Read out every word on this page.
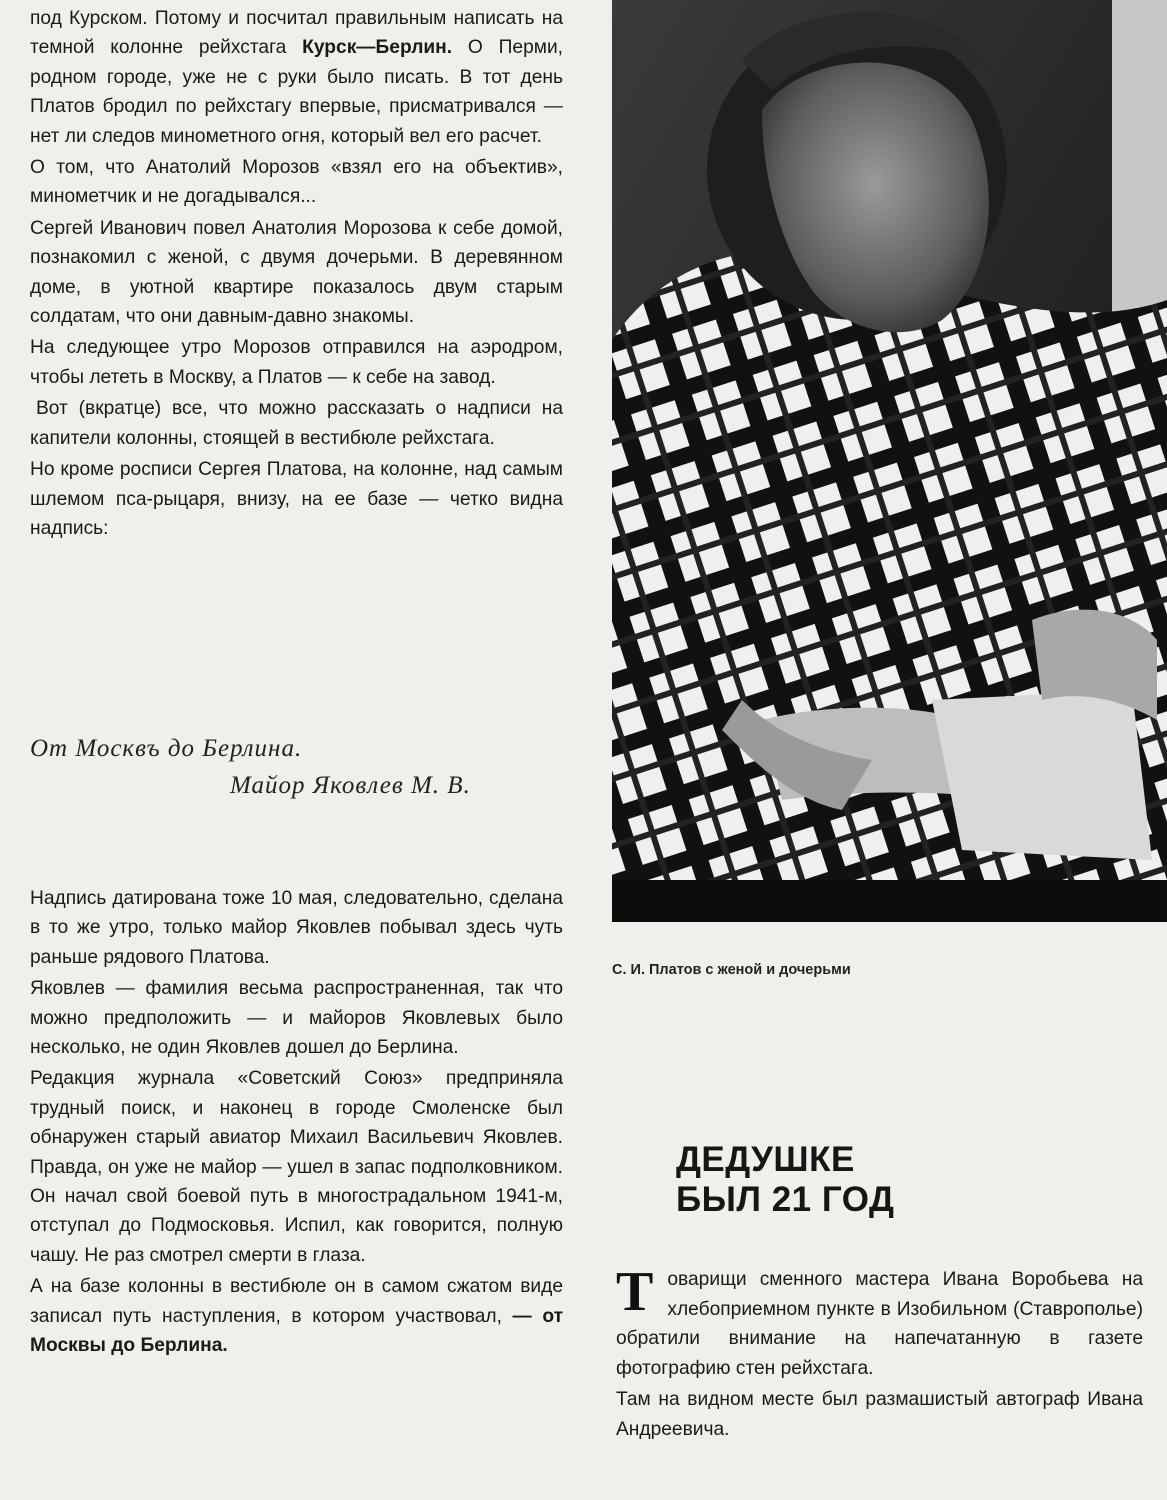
под Курском. Потому и посчитал правильным написать на темной колонне рейхстага Курск—Берлин. О Перми, родном городе, уже не с руки было писать. В тот день Платов бродил по рейхстагу впервые, присматривался — нет ли следов минометного огня, который вел его расчет.

О том, что Анатолий Морозов «взял его на объектив», минометчик и не догадывался...

Сергей Иванович повел Анатолия Морозова к себе домой, познакомил с женой, с двумя дочерьми. В деревянном доме, в уютной квартире показалось двум старым солдатам, что они давным-давно знакомы.

На следующее утро Морозов отправился на аэродром, чтобы лететь в Москву, а Платов — к себе на завод.

Вот (вкратце) все, что можно рассказать о надписи на капители колонны, стоящей в вестибюле рейхстага.

Но кроме росписи Сергея Платова, на колонне, над самым шлемом пса-рыцаря, внизу, на ее базе — четко видна надпись:

От Москвъ до Берлина.
Майор Яковлев М. В.

Надпись датирована тоже 10 мая, следовательно, сделана в то же утро, только майор Яковлев побывал здесь чуть раньше рядового Платова.

Яковлев — фамилия весьма распространенная, так что можно предположить — и майоров Яковлевых было несколько, не один Яковлев дошел до Берлина.

Редакция журнала «Советский Союз» предприняла трудный поиск, и наконец в городе Смоленске был обнаружен старый авиатор Михаил Васильевич Яковлев. Правда, он уже не майор — ушел в запас подполковником. Он начал свой боевой путь в многострадальном 1941-м, отступал до Подмосковья. Испил, как говорится, полную чашу. Не раз смотрел смерти в глаза.

А на базе колонны в вестибюле он в самом сжатом виде записал путь наступления, в котором участвовал, — от Москвы до Берлина.

С. И. Платов с женой и дочерьми
ДЕДУШКЕ
БЫЛ 21 ГОД

Товарищи сменного мастера Ивана Воробьева на хлебоприемном пункте в Изобильном (Ставрополье) обратили внимание на напечатанную в газете фотографию стен рейхстага.

Там на видном месте был размашистый автограф Ивана Андреевича.
